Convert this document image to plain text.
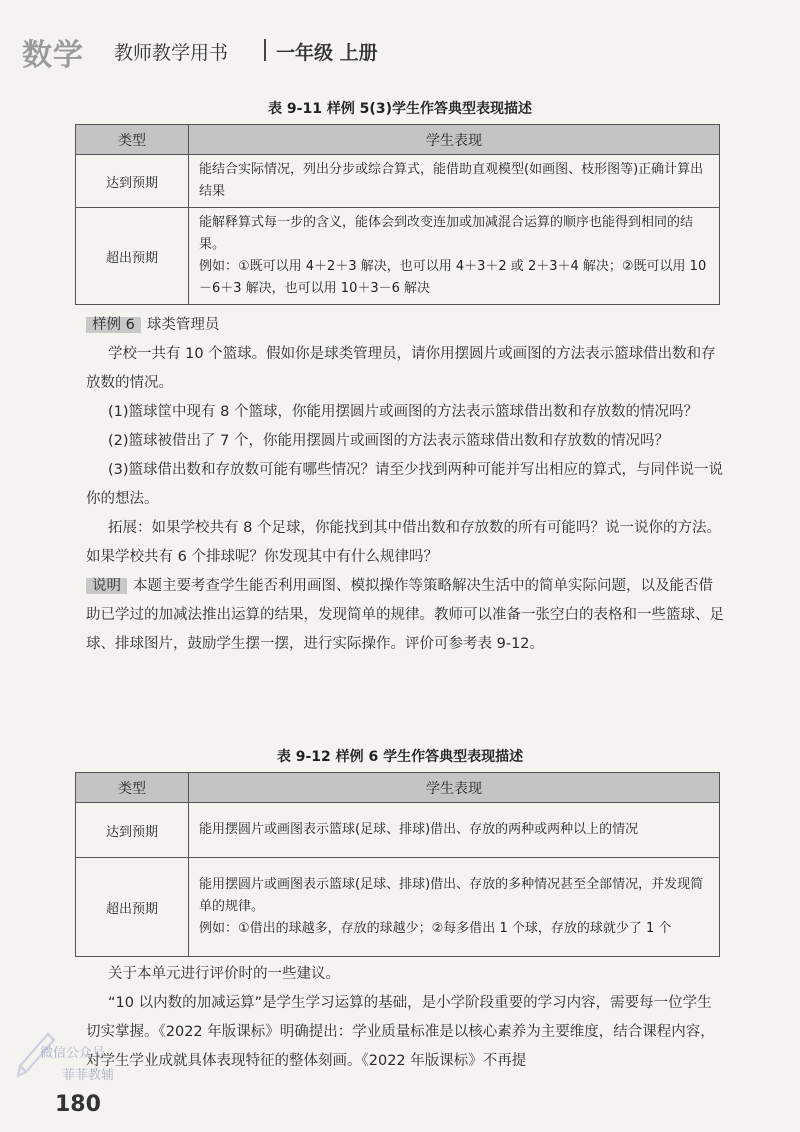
数学 教师教学用书	一年级 上册
表 9-11 样例 5(3)学生作答典型表现描述
类型	学生表现
达到预期	能结合实际情况，列出分步或综合算式，能借助直观模型(如画图、枝形图等)正确计算出结果

超出预期	能解释算式每一步的含义，能体会到改变连加或加减混合运算的顺序也能得到相同的结果。
例如：①既可以用 4＋2＋3 解决，也可以用 4＋3＋2 或 2＋3＋4 解决；②既可以用 10－6＋3 解决，也可以用 10＋3－6 解决

样例 6 球类管理员

学校一共有 10 个篮球。假如你是球类管理员，请你用摆圆片或画图的方法表示篮球借出数和存放数的情况。

(1)篮球筐中现有 8 个篮球，你能用摆圆片或画图的方法表示篮球借出数和存放数的情况吗？

(2)篮球被借出了 7 个，你能用摆圆片或画图的方法表示篮球借出数和存放数的情况吗？

(3)篮球借出数和存放数可能有哪些情况？请至少找到两种可能并写出相应的算式，与同伴说一说你的想法。

拓展：如果学校共有 8 个足球，你能找到其中借出数和存放数的所有可能吗？说一说你的方法。如果学校共有 6 个排球呢？你发现其中有什么规律吗？

说明 本题主要考查学生能否利用画图、模拟操作等策略解决生活中的简单实际问题，以及能否借助已学过的加减法推出运算的结果，发现简单的规律。教师可以准备一张空白的表格和一些篮球、足球、排球图片，鼓励学生摆一摆，进行实际操作。评价可参考表 9-12。

表 9-12 样例 6 学生作答典型表现描述
类型	学生表现
达到预期	能用摆圆片或画图表示篮球(足球、排球)借出、存放的两种或两种以上的情况

超出预期	能用摆圆片或画图表示篮球(足球、排球)借出、存放的多种情况甚至全部情况，并发现简单的规律。
例如：①借出的球越多，存放的球越少；②每多借出 1 个球，存放的球就少了 1 个

关于本单元进行评价时的一些建议。

“10 以内数的加减运算”是学生学习运算的基础，是小学阶段重要的学习内容，需要每一位学生切实掌握。《2022 年版课标》明确提出：学业质量标准是以核心素养为主要维度，结合课程内容，对学生学业成就具体表现特征的整体刻画。《2022 年版课标》不再提

微信公众号
菲菲教辅
180
